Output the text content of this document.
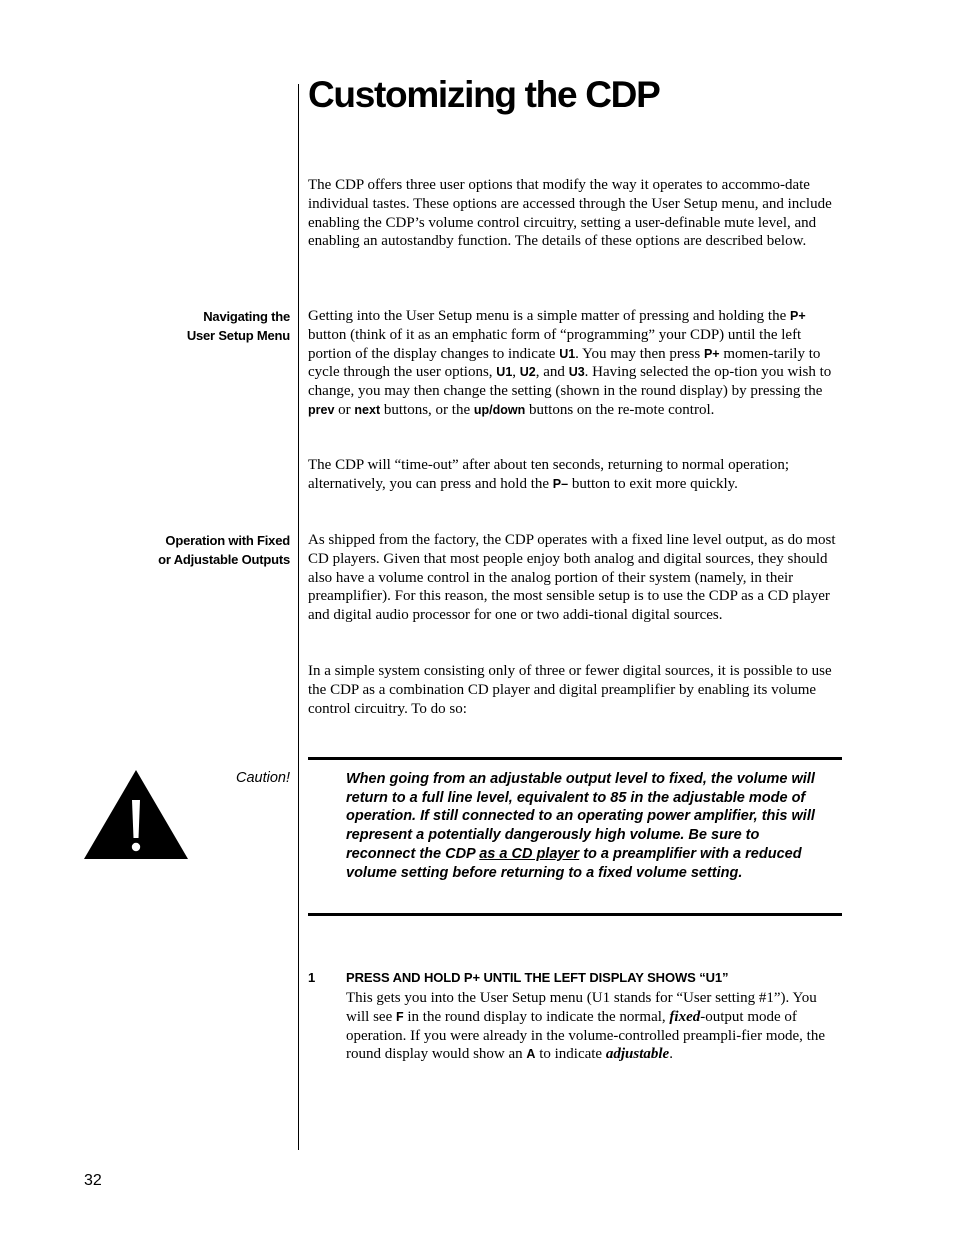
Customizing the CDP

The CDP offers three user options that modify the way it operates to accommo-date individual tastes. These options are accessed through the User Setup menu, and include enabling the CDP’s volume control circuitry, setting a user-definable mute level, and enabling an autostandby function. The details of these options are described below.

Navigating the
User Setup Menu

Getting into the User Setup menu is a simple matter of pressing and holding the P+ button (think of it as an emphatic form of “programming” your CDP) until the left portion of the display changes to indicate U1. You may then press P+ momen-tarily to cycle through the user options, U1, U2, and U3. Having selected the op-tion you wish to change, you may then change the setting (shown in the round display) by pressing the prev or next buttons, or the up/down buttons on the re-mote control.

The CDP will “time-out” after about ten seconds, returning to normal operation; alternatively, you can press and hold the P– button to exit more quickly.

Operation with Fixed
or Adjustable Outputs

As shipped from the factory, the CDP operates with a fixed line level output, as do most CD players. Given that most people enjoy both analog and digital sources, they should also have a volume control in the analog portion of their system (namely, in their preamplifier). For this reason, the most sensible setup is to use the CDP as a CD player and digital audio processor for one or two addi-tional digital sources.

In a simple system consisting only of three or fewer digital sources, it is possible to use the CDP as a combination CD player and digital preamplifier by enabling its volume control circuitry. To do so:

Caution!	When going from an adjustable output level to fixed, the volume will return to a full line level, equivalent to 85 in the adjustable mode of operation. If still connected to an operating power amplifier, this will represent a potentially dangerously high volume. Be sure to reconnect the CDP as a CD player to a preamplifier with a reduced volume setting before returning to a fixed volume setting.

1 PRESS AND HOLD P+ UNTIL THE LEFT DISPLAY SHOWS “U1”

This gets you into the User Setup menu (U1 stands for “User setting #1”). You will see F in the round display to indicate the normal, fixed-output mode of operation. If you were already in the volume-controlled preampli-fier mode, the round display would show an A to indicate adjustable.

32
